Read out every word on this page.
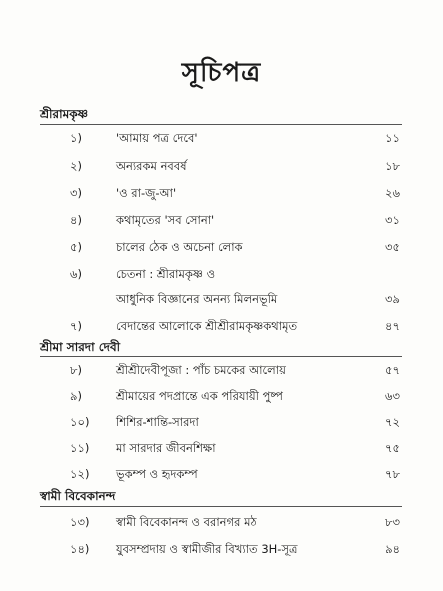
সূচিপত্র
শ্রীরামকৃষ্ণ
১)	'আমায় পত্র দেবে'	১১
২)	অন্যরকম নববর্ষ	১৮
৩)	'ও রা-জু-আ'	২৬
৪)	কথামৃতের 'সব সোনা'	৩১
৫)	চালের ঠেক ও অচেনা লোক	৩৫
৬)	চেতনা : শ্রীরামকৃষ্ণ ও
আধুনিক বিজ্ঞানের অনন্য মিলনভূমি	৩৯
৭)	বেদান্তের আলোকে শ্রীশ্রীরামকৃষ্ণকথামৃত	৪৭
শ্রীমা সারদা দেবী
৮)	শ্রীশ্রীদেবীপূজা : পাঁচ চমকের আলোয়	৫৭
৯)	শ্রীমায়ের পদপ্রান্তে এক পরিযায়ী পুষ্প	৬৩
১০)	শিশির-শান্তি-সারদা	৭২
১১)	মা সারদার জীবনশিক্ষা	৭৫
১২)	ভূকম্প ও হৃদকম্প	৭৮
স্বামী বিবেকানন্দ
১৩)	স্বামী বিবেকানন্দ ও বরানগর মঠ	৮৩
১৪)	যুবসম্প্রদায় ও স্বামীজীর বিখ্যাত 3H-সূত্র	৯৪
